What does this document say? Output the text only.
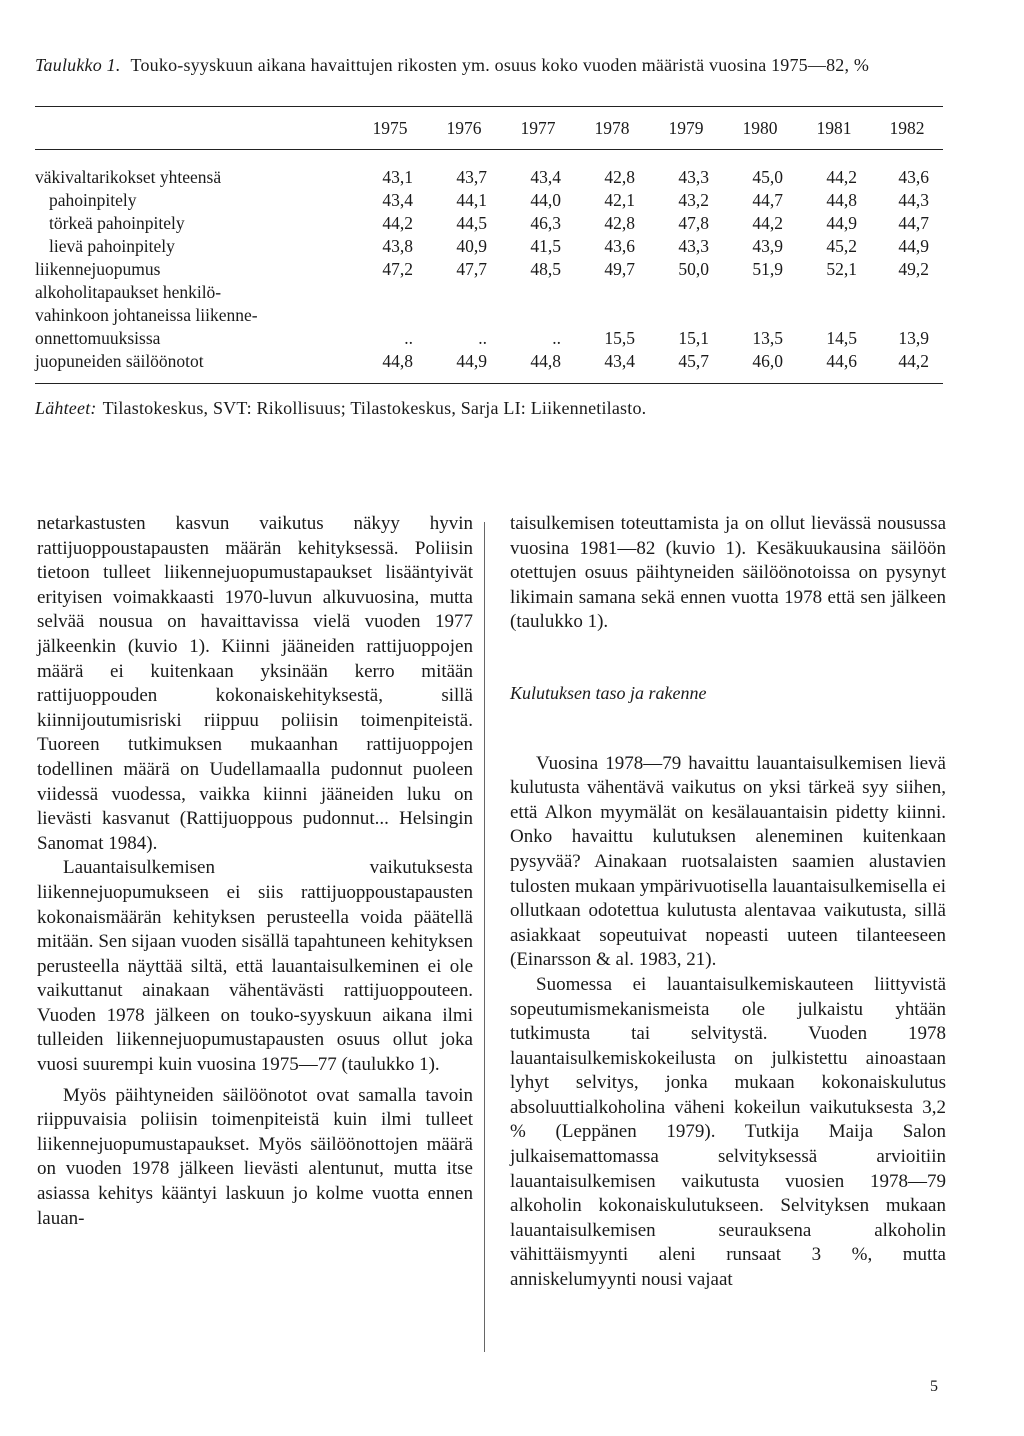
Taulukko 1. Touko-syyskuun aikana havaittujen rikosten ym. osuus koko vuoden määristä vuosina 1975—82, %

	1975	1976	1977	1978	1979	1980	1981	1982
väkivaltarikokset yhteensä	43,1	43,7	43,4	42,8	43,3	45,0	44,2	43,6
pahoinpitely	43,4	44,1	44,0	42,1	43,2	44,7	44,8	44,3
törkeä pahoinpitely	44,2	44,5	46,3	42,8	47,8	44,2	44,9	44,7
lievä pahoinpitely	43,8	40,9	41,5	43,6	43,3	43,9	45,2	44,9
liikennejuopumus	47,2	47,7	48,5	49,7	50,0	51,9	52,1	49,2

alkoholitapaukset henkilö-
vahinkoon johtaneissa liikenne-
onnettomuuksissa	..	..	..	15,5	15,1	13,5	14,5	13,9
juopuneiden säilöönotot	44,8	44,9	44,8	43,4	45,7	46,0	44,6	44,2

Lähteet: Tilastokeskus, SVT: Rikollisuus; Tilastokeskus, Sarja LI: Liikennetilasto.

netarkastusten kasvun vaikutus näkyy hyvin rattijuoppoustapausten määrän kehityksessä. Poliisin tietoon tulleet liikennejuopumustapaukset lisääntyivät erityisen voimakkaasti 1970-luvun alkuvuosina, mutta selvää nousua on havaittavissa vielä vuoden 1977 jälkeenkin (kuvio 1). Kiinni jääneiden rattijuoppojen määrä ei kuitenkaan yksinään kerro mitään rattijuoppouden kokonaiskehityksestä, sillä kiinnijoutumisriski riippuu poliisin toimenpiteistä. Tuoreen tutkimuksen mukaanhan rattijuoppojen todellinen määrä on Uudellamaalla pudonnut puoleen viidessä vuodessa, vaikka kiinni jääneiden luku on lievästi kasvanut (Rattijuoppous pudonnut... Helsingin Sanomat 1984).

Lauantaisulkemisen vaikutuksesta liikennejuopumukseen ei siis rattijuoppoustapausten kokonaismäärän kehityksen perusteella voida päätellä mitään. Sen sijaan vuoden sisällä tapahtuneen kehityksen perusteella näyttää siltä, että lauantaisulkeminen ei ole vaikuttanut ainakaan vähentävästi rattijuoppouteen. Vuoden 1978 jälkeen on touko-syyskuun aikana ilmi tulleiden liikennejuopumustapausten osuus ollut joka vuosi suurempi kuin vuosina 1975—77 (taulukko 1).

Myös päihtyneiden säilöönotot ovat samalla tavoin riippuvaisia poliisin toimenpiteistä kuin ilmi tulleet liikennejuopumustapaukset. Myös säilöönottojen määrä on vuoden 1978 jälkeen lievästi alentunut, mutta itse asiassa kehitys kääntyi laskuun jo kolme vuotta ennen lauan-

taisulkemisen toteuttamista ja on ollut lievässä nousussa vuosina 1981—82 (kuvio 1). Kesäkuukausina säilöön otettujen osuus päihtyneiden säilöönotoissa on pysynyt likimain samana sekä ennen vuotta 1978 että sen jälkeen (taulukko 1).

Kulutuksen taso ja rakenne

Vuosina 1978—79 havaittu lauantaisulkemisen lievä kulutusta vähentävä vaikutus on yksi tärkeä syy siihen, että Alkon myymälät on kesälauantaisin pidetty kiinni. Onko havaittu kulutuksen aleneminen kuitenkaan pysyvää? Ainakaan ruotsalaisten saamien alustavien tulosten mukaan ympärivuotisella lauantaisulkemisella ei ollutkaan odotettua kulutusta alentavaa vaikutusta, sillä asiakkaat sopeutuivat nopeasti uuteen tilanteeseen (Einarsson & al. 1983, 21).

Suomessa ei lauantaisulkemiskauteen liittyvistä sopeutumismekanismeista ole julkaistu yhtään tutkimusta tai selvitystä. Vuoden 1978 lauantaisulkemiskokeilusta on julkistettu ainoastaan lyhyt selvitys, jonka mukaan kokonaiskulutus absoluuttialkoholina väheni kokeilun vaikutuksesta 3,2 % (Leppänen 1979). Tutkija Maija Salon julkaisemattomassa selvityksessä arvioitiin lauantaisulkemisen vaikutusta vuosien 1978—79 alkoholin kokonaiskulutukseen. Selvityksen mukaan lauantaisulkemisen seurauksena alkoholin vähittäismyynti aleni runsaat 3 %, mutta anniskelumyynti nousi vajaat

5
